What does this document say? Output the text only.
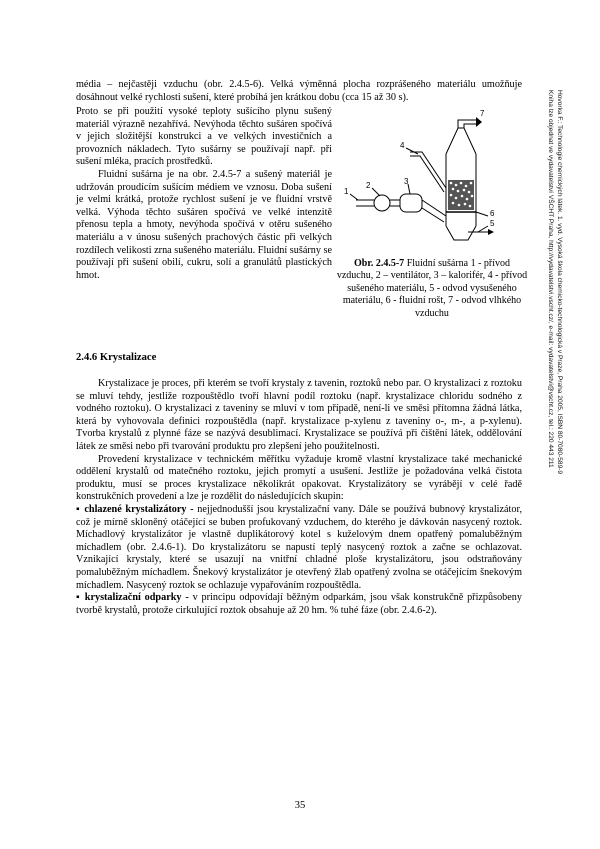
Hovorka F.: Technologie chemických látek. 1. vyd. Vysoká škola chemicko-technologická v Praze, Praha 2005, ISBN 80-7080-589-9

Kniha lze objednat ve vydavatelství VŠCHT Praha, http://vydavatelstvi.vscht.cz/, e-mail: vydavatelstvi@vscht.cz, tel.: 220 443 211

média – nejčastěji vzduchu (obr. 2.4.5-6). Velká výměnná plocha rozprášeného materiálu umožňuje dosáhnout velké rychlosti sušení, které probíhá jen krátkou dobu (cca 15 až 30 s).

Proto se při použití vysoké teploty sušícího plynu sušený materiál výrazně nezahřívá. Nevýhoda těchto sušáren spočívá v jejich složitější konstrukci a ve velkých investičních a provozních nákladech. Tyto sušárny se používají např. při sušení mléka, pracích prostředků.

Fluidní sušárna je na obr. 2.4.5-7 a sušený materiál je udržován proudícím sušícím médiem ve vznosu. Doba sušení je velmi krátká, protože rychlost sušení je ve fluidní vrstvě velká. Výhoda těchto sušáren spočívá ve velké intenzitě přenosu tepla a hmoty, nevýhoda spočívá v otěru sušeného materiálu a v únosu sušených prachových částic při velkých rozdílech velikosti zrna sušeného materiálu. Fluidní sušárny se používají při sušení obilí, cukru, solí a granulátů plastických hmot.

1
2	3
4
5
6
7
Obr. 2.4.5-7 Fluidní sušárna 1 - přívod vzduchu, 2 – ventilátor, 3 – kalorifér, 4 - přívod sušeného materiálu, 5 - odvod vysušeného materiálu, 6 - fluidní rošt, 7 - odvod vlhkého vzduchu
2.4.6 Krystalizace

Krystalizace je proces, při kterém se tvoří krystaly z tavenin, roztoků nebo par. O krystalizaci z roztoku se mluví tehdy, jestliže rozpouštědlo tvoří hlavní podíl roztoku (např. krystalizace chloridu sodného z vodného roztoku). O krystalizaci z taveniny se mluví v tom případě, není-li ve směsi přítomna žádná látka, která by vyhovovala definici rozpouštědla (např. krystalizace p-xylenu z taveniny o-, m-, a p-xylenu). Tvorba krystalů z plynné fáze se nazývá desublimací. Krystalizace se používá při čištění látek, oddělování látek ze směsi nebo při tvarování produktu pro zlepšení jeho použitelnosti.

Provedení krystalizace v technickém měřítku vyžaduje kromě vlastní krystalizace také mechanické oddělení krystalů od matečného roztoku, jejich promytí a usušení. Jestliže je požadována velká čistota produktu, musí se proces krystalizace několikrát opakovat. Krystalizátory se vyrábějí v celé řadě konstrukčních provedení a lze je rozdělit do následujících skupin:

▪ chlazené krystalizátory - nejjednodušší jsou krystalizační vany. Dále se používá bubnový krystalizátor, což je mírně skloněný otáčející se buben profukovaný vzduchem, do kterého je dávkován nasycený roztok. Míchadlový krystalizátor je vlastně duplikátorový kotel s kuželovým dnem opatřený pomaluběžným míchadlem (obr. 2.4.6-1). Do krystalizátoru se napustí teplý nasycený roztok a začne se ochlazovat. Vznikající krystaly, které se usazují na vnitřní chladné ploše krystalizátoru, jsou odstraňovány pomaluběžným míchadlem. Šnekový krystalizátor je otevřený žlab opatřený zvolna se otáčejícím šnekovým míchadlem. Nasycený roztok se ochlazuje vypařováním rozpouštědla.

▪ krystalizační odparky - v principu odpovídají běžným odparkám, jsou však konstrukčně přizpůsobeny tvorbě krystalů, protože cirkulující roztok obsahuje až 20 hm. % tuhé fáze (obr. 2.4.6-2).

35
